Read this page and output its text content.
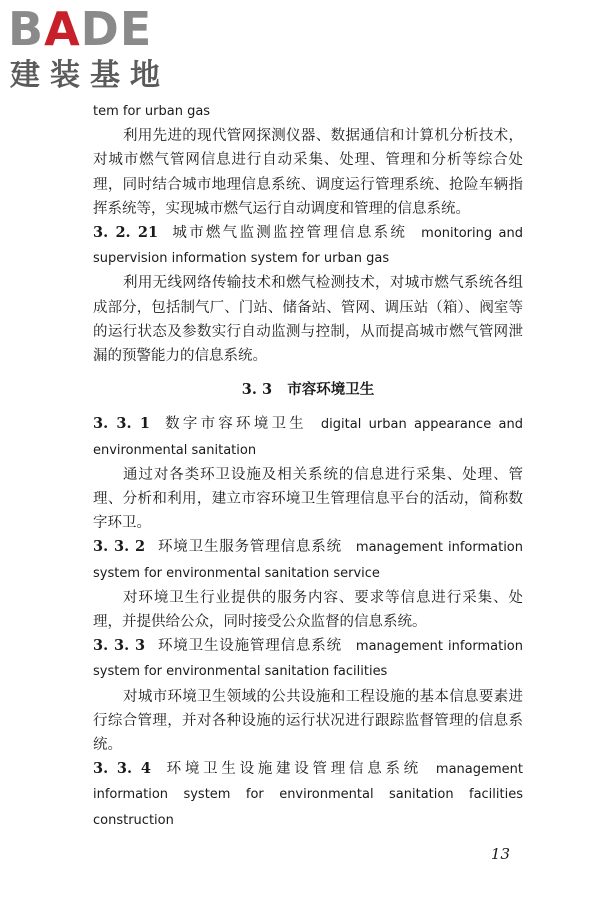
BADE
建装基地

tem for urban gas

利用先进的现代管网探测仪器、数据通信和计算机分析技术，对城市燃气管网信息进行自动采集、处理、管理和分析等综合处理，同时结合城市地理信息系统、调度运行管理系统、抢险车辆指挥系统等，实现城市燃气运行自动调度和管理的信息系统。

3. 2. 21 城市燃气监测监控管理信息系统 monitoring and supervision information system for urban gas

利用无线网络传输技术和燃气检测技术，对城市燃气系统各组成部分，包括制气厂、门站、储备站、管网、调压站（箱）、阀室等的运行状态及参数实行自动监测与控制，从而提高城市燃气管网泄漏的预警能力的信息系统。

3. 3 市容环境卫生

3. 3. 1 数字市容环境卫生 digital urban appearance and environmental sanitation

通过对各类环卫设施及相关系统的信息进行采集、处理、管理、分析和利用，建立市容环境卫生管理信息平台的活动，简称数字环卫。

3. 3. 2 环境卫生服务管理信息系统 management information system for environmental sanitation service

对环境卫生行业提供的服务内容、要求等信息进行采集、处理，并提供给公众，同时接受公众监督的信息系统。

3. 3. 3 环境卫生设施管理信息系统 management information system for environmental sanitation facilities

对城市环境卫生领域的公共设施和工程设施的基本信息要素进行综合管理，并对各种设施的运行状况进行跟踪监督管理的信息系统。

3. 3. 4 环境卫生设施建设管理信息系统 management information system for environmental sanitation facilities construction

13
